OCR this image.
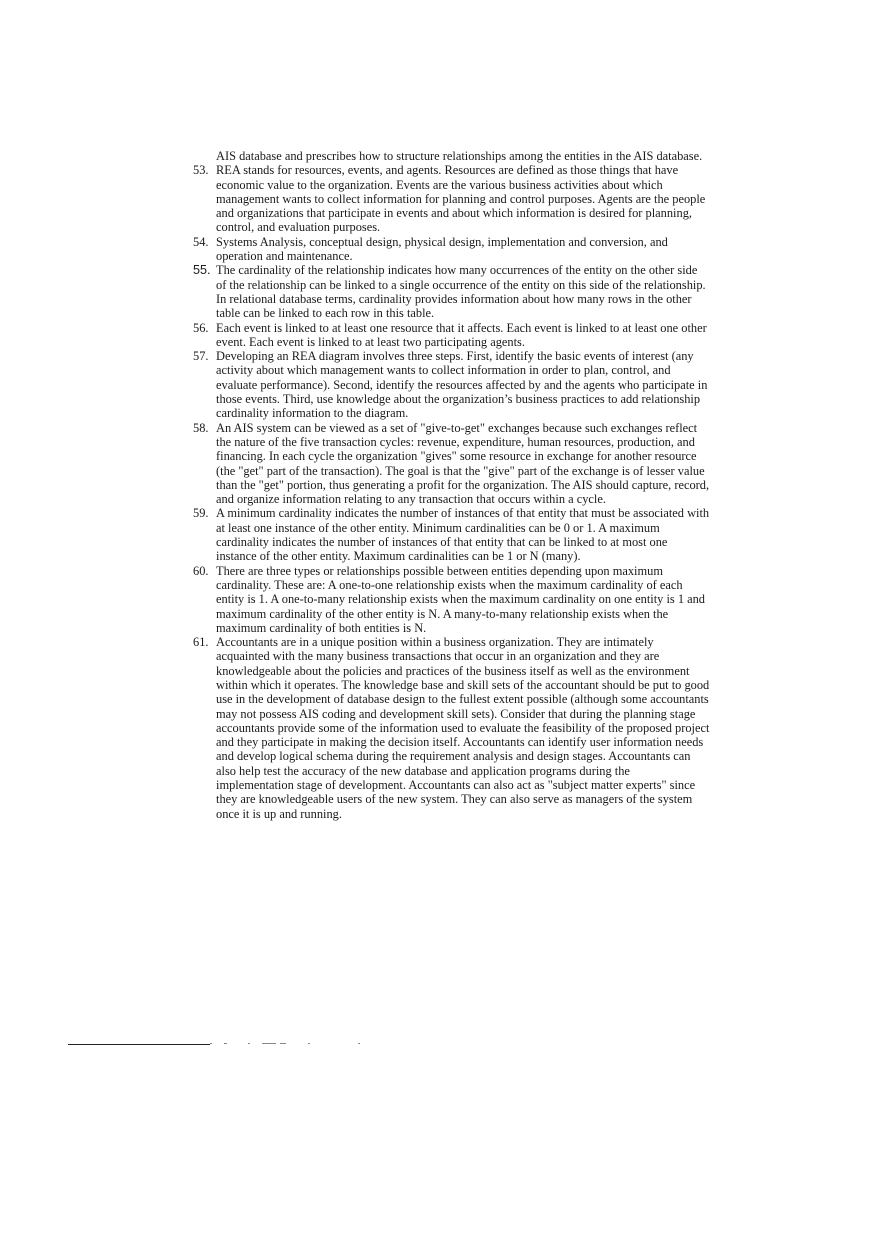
AIS database and prescribes how to structure relationships among the entities in the AIS database.

53. REA stands for resources, events, and agents. Resources are defined as those things that have economic value to the organization. Events are the various business activities about which management wants to collect information for planning and control purposes. Agents are the people and organizations that participate in events and about which information is desired for planning, control, and evaluation purposes.
54. Systems Analysis, conceptual design, physical design, implementation and conversion, and operation and maintenance.
55. The cardinality of the relationship indicates how many occurrences of the entity on the other side of the relationship can be linked to a single occurrence of the entity on this side of the relationship. In relational database terms, cardinality provides information about how many rows in the other table can be linked to each row in this table.
56. Each event is linked to at least one resource that it affects. Each event is linked to at least one other event. Each event is linked to at least two participating agents.
57. Developing an REA diagram involves three steps. First, identify the basic events of interest (any activity about which management wants to collect information in order to plan, control, and evaluate performance). Second, identify the resources affected by and the agents who participate in those events. Third, use knowledge about the organization’s business practices to add relationship cardinality information to the diagram.
58. An AIS system can be viewed as a set of "give-to-get" exchanges because such exchanges reflect the nature of the five transaction cycles: revenue, expenditure, human resources, production, and financing. In each cycle the organization "gives" some resource in exchange for another resource (the "get" part of the transaction). The goal is that the "give" part of the exchange is of lesser value than the "get" portion, thus generating a profit for the organization. The AIS should capture, record, and organize information relating to any transaction that occurs within a cycle.
59. A minimum cardinality indicates the number of instances of that entity that must be associated with at least one instance of the other entity. Minimum cardinalities can be 0 or 1. A maximum cardinality indicates the number of instances of that entity that can be linked to at most one instance of the other entity. Maximum cardinalities can be 1 or N (many).
60. There are three types or relationships possible between entities depending upon maximum cardinality. These are: A one-to-one relationship exists when the maximum cardinality of each entity is 1. A one-to-many relationship exists when the maximum cardinality on one entity is 1 and maximum cardinality of the other entity is N. A many-to-many relationship exists when the maximum cardinality of both entities is N.
61. Accountants are in a unique position within a business organization. They are intimately acquainted with the many business transactions that occur in an organization and they are knowledgeable about the policies and practices of the business itself as well as the environment within which it operates. The knowledge base and skill sets of the accountant should be put to good use in the development of database design to the fullest extent possible (although some accountants may not possess AIS coding and development skill sets). Consider that during the planning stage accountants provide some of the information used to evaluate the feasibility of the proposed project and they participate in making the decision itself. Accountants can identify user information needs and develop logical schema during the requirement analysis and design stages. Accountants can also help test the accuracy of the new database and application programs during the implementation stage of development. Accountants can also act as "subject matter experts" since they are knowledgeable users of the new system. They can also serve as managers of the system once it is up and running.
